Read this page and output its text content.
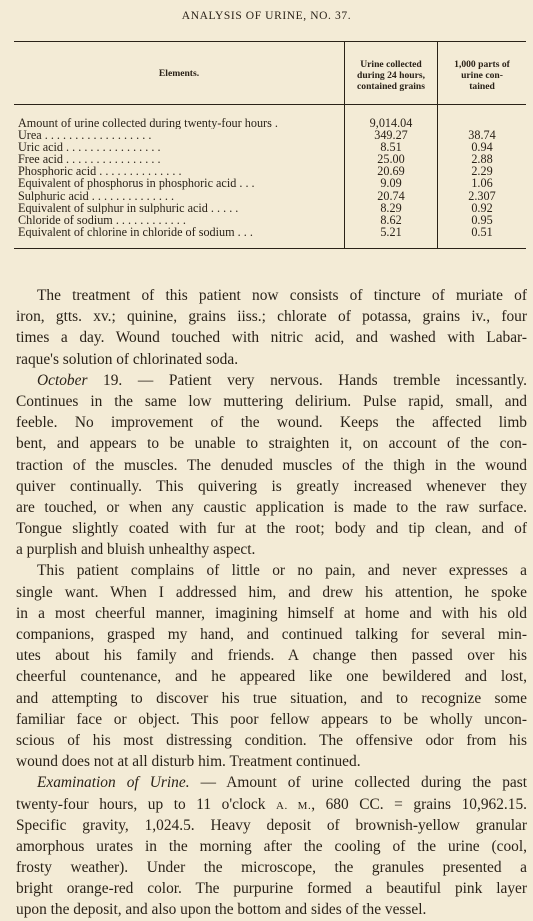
ANALYSIS OF URINE, NO. 37.
Elements.
Urine collected
during 24 hours,
contained grains
1,000 parts of
urine con-
tained
Amount of urine collected during twenty-four hours .
Urea . . . . . . . . . . . . . . . . . .
Uric acid . . . . . . . . . . . . . . . .
Free acid . . . . . . . . . . . . . . . .
Phosphoric acid . . . . . . . . . . . . . .
Equivalent of phosphorus in phosphoric acid . . .
Sulphuric acid . . . . . . . . . . . . . .
Equivalent of sulphur in sulphuric acid . . . . .
Chloride of sodium . . . . . . . . . . . .
Equivalent of chlorine in chloride of sodium . . .
9,014.04
349.27
8.51
25.00
20.69
9.09
20.74
8.29
8.62
5.21
38.74
0.94
2.88
2.29
1.06
2.307
0.92
0.95
0.51
The treatment of this patient now consists of tincture of muriate of
iron, gtts. xv.; quinine, grains iiss.; chlorate of potassa, grains iv., four
times a day. Wound touched with nitric acid, and washed with Labar-
raque's solution of chlorinated soda.
October 19. — Patient very nervous. Hands tremble incessantly.
Continues in the same low muttering delirium. Pulse rapid, small, and
feeble. No improvement of the wound. Keeps the affected limb
bent, and appears to be unable to straighten it, on account of the con-
traction of the muscles. The denuded muscles of the thigh in the wound
quiver continually. This quivering is greatly increased whenever they
are touched, or when any caustic application is made to the raw surface.
Tongue slightly coated with fur at the root; body and tip clean, and of
a purplish and bluish unhealthy aspect.
This patient complains of little or no pain, and never expresses a
single want. When I addressed him, and drew his attention, he spoke
in a most cheerful manner, imagining himself at home and with his old
companions, grasped my hand, and continued talking for several min-
utes about his family and friends. A change then passed over his
cheerful countenance, and he appeared like one bewildered and lost,
and attempting to discover his true situation, and to recognize some
familiar face or object. This poor fellow appears to be wholly uncon-
scious of his most distressing condition. The offensive odor from his
wound does not at all disturb him. Treatment continued.
Examination of Urine. — Amount of urine collected during the past
twenty-four hours, up to 11 o'clock A. M., 680 CC. = grains 10,962.15.
Specific gravity, 1,024.5. Heavy deposit of brownish-yellow granular
amorphous urates in the morning after the cooling of the urine (cool,
frosty weather). Under the microscope, the granules presented a
bright orange-red color. The purpurine formed a beautiful pink layer
upon the deposit, and also upon the bottom and sides of the vessel.
